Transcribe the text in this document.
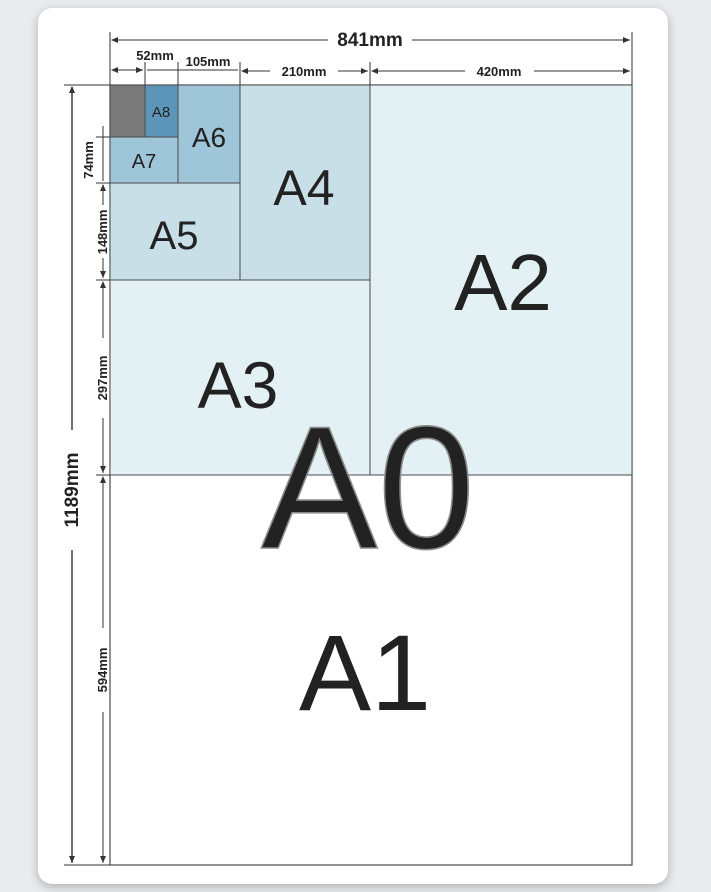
A0
A1
A2
A3
A4
A5
A6
A7
A8
841mm
52mm 105mm
210mm	420mm
1189mm
74mm
148mm
297mm
594mm
